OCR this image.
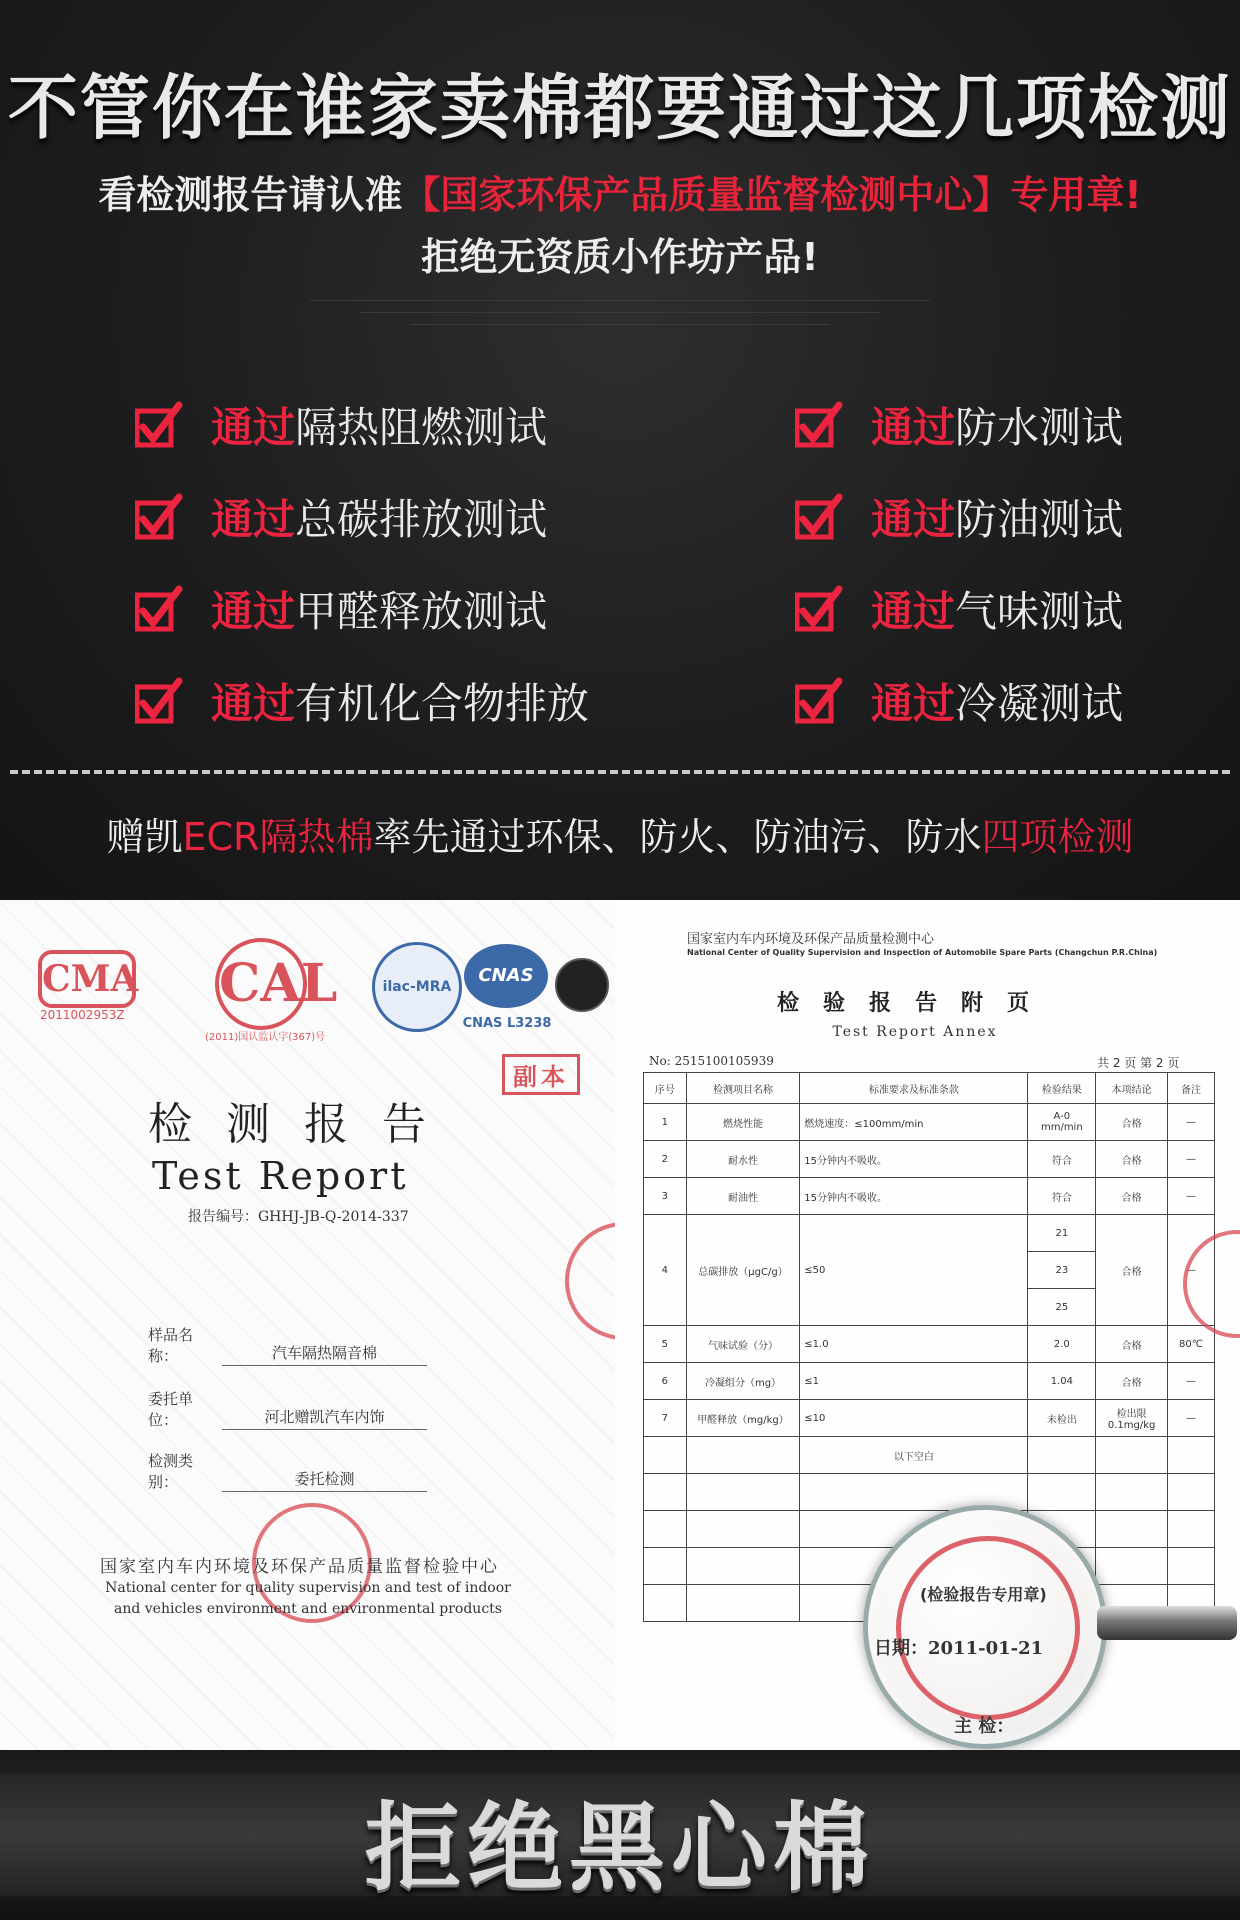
不管你在谁家卖棉都要通过这几项检测
看检测报告请认准【国家环保产品质量监督检测中心】专用章!
拒绝无资质小作坊产品!
通过 隔热阻燃测试
通过 总碳排放测试
通过 甲醛释放测试
通过 有机化合物排放
通过 防水测试
通过 防油测试
通过 气味测试
通过 冷凝测试
赠凯ECR隔热棉率先通过环保、防火、防油污、防水四项检测
CMA
2011002953Z
CAL
(2011)国认监认字(367)号
ilac-MRA
CNAS
CNAS L3238
副本
检测报告
Test Report
报告编号：GHHJ-JB-Q-2014-337
样品名称：	汽车隔热隔音棉
委托单位：	河北赠凯汽车内饰
检测类别：	委托检测
国家室内车内环境及环保产品质量监督检验中心
National center for quality supervision and test of indoor and vehicles environment and environmental products
国家室内车内环境及环保产品质量检测中心
National Center of Quality Supervision and Inspection of Automobile Spare Parts (Changchun P.R.China)
检验报告附页
Test Report Annex
No: 2515100105939	共 2 页 第 2 页
序号	检测项目名称	标准要求及标准条款	检验结果	本项结论	备注
1	燃烧性能	燃烧速度：≤100mm/min	A-0 mm/min	合格	—
2	耐水性	15分钟内不吸收。	符合	合格	—
3	耐油性	15分钟内不吸收。	符合	合格	—
4	总碳排放（μgC/g）	≤50	21	合格	—
			23		
			25		
5	气味试验（分）	≤1.0	2.0	合格	80℃
6	冷凝组分（mg）	≤1	1.04	合格	—
7	甲醛释放（mg/kg）	≤10	未检出	检出限 0.1mg/kg	—
		以下空白			

(检验报告专用章)
日期：2011-01-21
主 检：
拒绝黑心棉
